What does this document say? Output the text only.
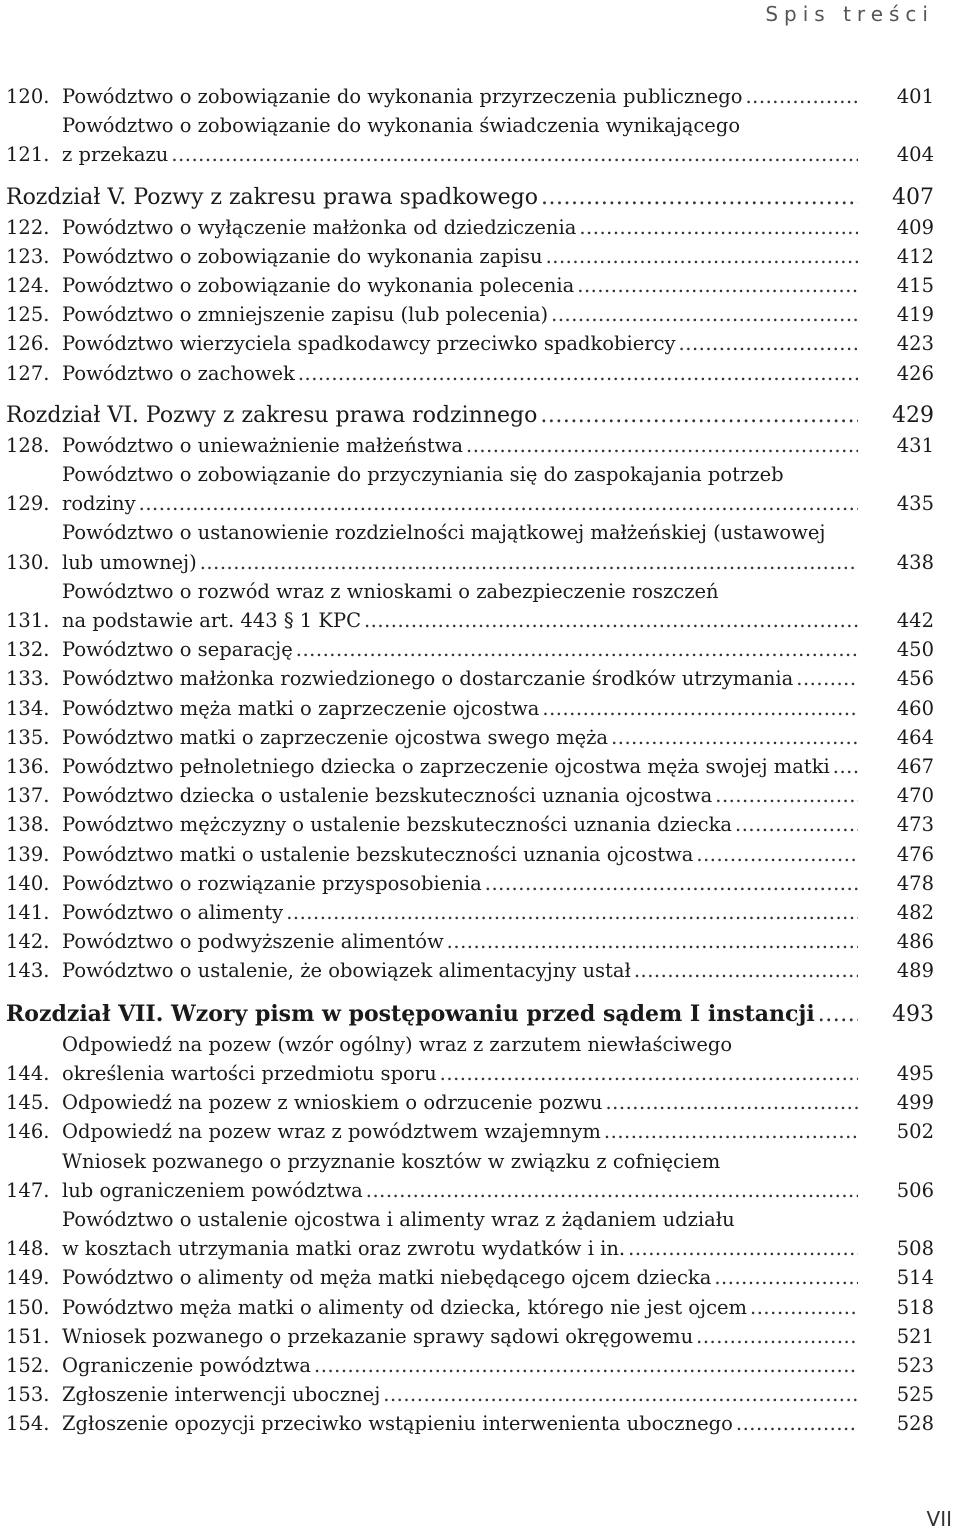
Spis treści
120. Powództwo o zobowiązanie do wykonania przyrzeczenia publicznego .....	401
121.
Powództwo o zobowiązanie do wykonania świadczenia wynikającego
z przekazu .....	404
Rozdział V. Pozwy z zakresu prawa spadkowego .....	407
122. Powództwo o wyłączenie małżonka od dziedziczenia .....	409
123. Powództwo o zobowiązanie do wykonania zapisu .....	412
124. Powództwo o zobowiązanie do wykonania polecenia .....	415
125. Powództwo o zmniejszenie zapisu (lub polecenia) .....	419
126. Powództwo wierzyciela spadkodawcy przeciwko spadkobiercy .....	423
127. Powództwo o zachowek .....	426
Rozdział VI. Pozwy z zakresu prawa rodzinnego .....	429
128. Powództwo o unieważnienie małżeństwa .....	431
129.
Powództwo o zobowiązanie do przyczyniania się do zaspokajania potrzeb
rodziny .....	435
130.
Powództwo o ustanowienie rozdzielności majątkowej małżeńskiej (ustawowej
lub umownej) .....	438
131.
Powództwo o rozwód wraz z wnioskami o zabezpieczenie roszczeń
na podstawie art. 443 § 1 KPC .....	442
132. Powództwo o separację .....	450
133. Powództwo małżonka rozwiedzionego o dostarczanie środków utrzymania .....	456
134. Powództwo męża matki o zaprzeczenie ojcostwa .....	460
135. Powództwo matki o zaprzeczenie ojcostwa swego męża .....	464
136. Powództwo pełnoletniego dziecka o zaprzeczenie ojcostwa męża swojej matki .....	467
137. Powództwo dziecka o ustalenie bezskuteczności uznania ojcostwa .....	470
138. Powództwo mężczyzny o ustalenie bezskuteczności uznania dziecka .....	473
139. Powództwo matki o ustalenie bezskuteczności uznania ojcostwa .....	476
140. Powództwo o rozwiązanie przysposobienia .....	478
141. Powództwo o alimenty .....	482
142. Powództwo o podwyższenie alimentów .....	486
143. Powództwo o ustalenie, że obowiązek alimentacyjny ustał .....	489
Rozdział VII. Wzory pism w postępowaniu przed sądem I instancji .....	493
144.
Odpowiedź na pozew (wzór ogólny) wraz z zarzutem niewłaściwego
określenia wartości przedmiotu sporu .....	495
145. Odpowiedź na pozew z wnioskiem o odrzucenie pozwu .....	499
146. Odpowiedź na pozew wraz z powództwem wzajemnym .....	502
147.
Wniosek pozwanego o przyznanie kosztów w związku z cofnięciem
lub ograniczeniem powództwa .....	506
148.
Powództwo o ustalenie ojcostwa i alimenty wraz z żądaniem udziału
w kosztach utrzymania matki oraz zwrotu wydatków i in. .....	508
149. Powództwo o alimenty od męża matki niebędącego ojcem dziecka .....	514
150. Powództwo męża matki o alimenty od dziecka, którego nie jest ojcem .....	518
151. Wniosek pozwanego o przekazanie sprawy sądowi okręgowemu .....	521
152. Ograniczenie powództwa .....	523
153. Zgłoszenie interwencji ubocznej .....	525
154. Zgłoszenie opozycji przeciwko wstąpieniu interwenienta ubocznego .....	528
VII
